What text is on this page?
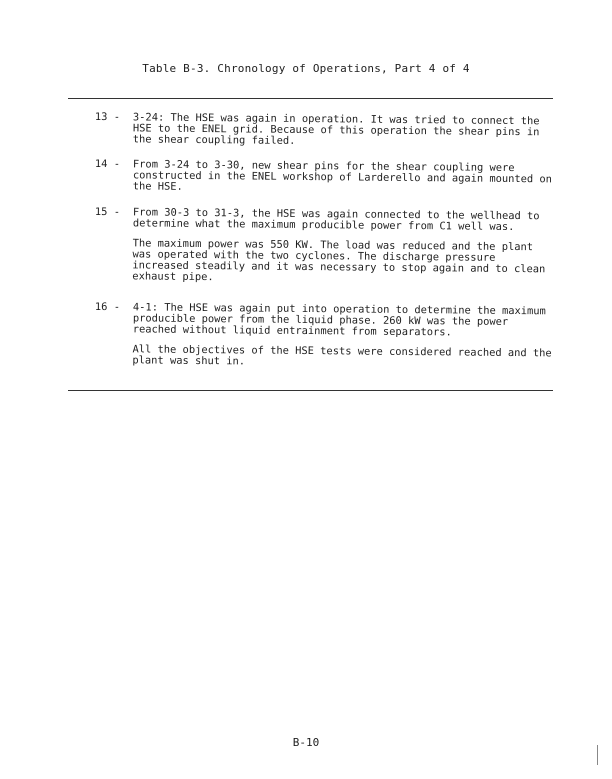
Table B-3. Chronology of Operations, Part 4 of 4
13 -	3-24: The HSE was again in operation. It was tried to connect the
HSE to the ENEL grid. Because of this operation the shear pins in
the shear coupling failed.
14 -	From 3-24 to 3-30, new shear pins for the shear coupling were
constructed in the ENEL workshop of Larderello and again mounted on
the HSE.
15 -	From 30-3 to 31-3, the HSE was again connected to the wellhead to
determine what the maximum producible power from C1 well was.
The maximum power was 550 KW. The load was reduced and the plant
was operated with the two cyclones. The discharge pressure
increased steadily and it was necessary to stop again and to clean
exhaust pipe.
16 -	4-1: The HSE was again put into operation to determine the maximum
producible power from the liquid phase. 260 kW was the power
reached without liquid entrainment from separators.
All the objectives of the HSE tests were considered reached and the
plant was shut in.
B-10
